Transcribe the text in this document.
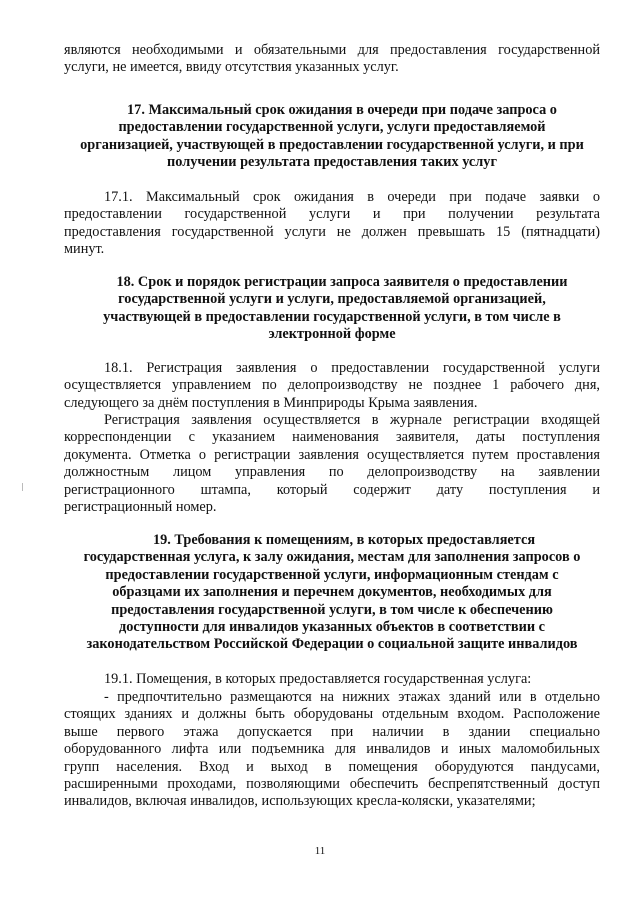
являются необходимыми и обязательными для предоставления государственной
услуги, не имеется, ввиду отсутствия указанных услуг.
17. Максимальный срок ожидания в очереди при подаче запроса о
предоставлении государственной услуги, услуги предоставляемой
организацией, участвующей в предоставлении государственной услуги, и при
получении результата предоставления таких услуг
17.1. Максимальный срок ожидания в очереди при подаче заявки о
предоставлении государственной услуги и при получении результата
предоставления государственной услуги не должен превышать 15 (пятнадцати)
минут.
18. Срок и порядок регистрации запроса заявителя о предоставлении
государственной услуги и услуги, предоставляемой организацией,
участвующей в предоставлении государственной услуги, в том числе в
электронной форме
18.1. Регистрация заявления о предоставлении государственной услуги
осуществляется управлением по делопроизводству не позднее 1 рабочего дня,
следующего за днём поступления в Минприроды Крыма заявления.
Регистрация заявления осуществляется в журнале регистрации входящей
корреспонденции с указанием наименования заявителя, даты поступления
документа. Отметка о регистрации заявления осуществляется путем проставления
должностным лицом управления по делопроизводству на заявлении
регистрационного штампа, который содержит дату поступления и
регистрационный номер.
19. Требования к помещениям, в которых предоставляется
государственная услуга, к залу ожидания, местам для заполнения запросов о
предоставлении государственной услуги, информационным стендам с
образцами их заполнения и перечнем документов, необходимых для
предоставления государственной услуги, в том числе к обеспечению
доступности для инвалидов указанных объектов в соответствии с
законодательством Российской Федерации о социальной защите инвалидов
19.1. Помещения, в которых предоставляется государственная услуга:
- предпочтительно размещаются на нижних этажах зданий или в отдельно
стоящих зданиях и должны быть оборудованы отдельным входом. Расположение
выше первого этажа допускается при наличии в здании специально
оборудованного лифта или подъемника для инвалидов и иных маломобильных
групп населения. Вход и выход в помещения оборудуются пандусами,
расширенными проходами, позволяющими обеспечить беспрепятственный доступ
инвалидов, включая инвалидов, использующих кресла-коляски, указателями;
11
